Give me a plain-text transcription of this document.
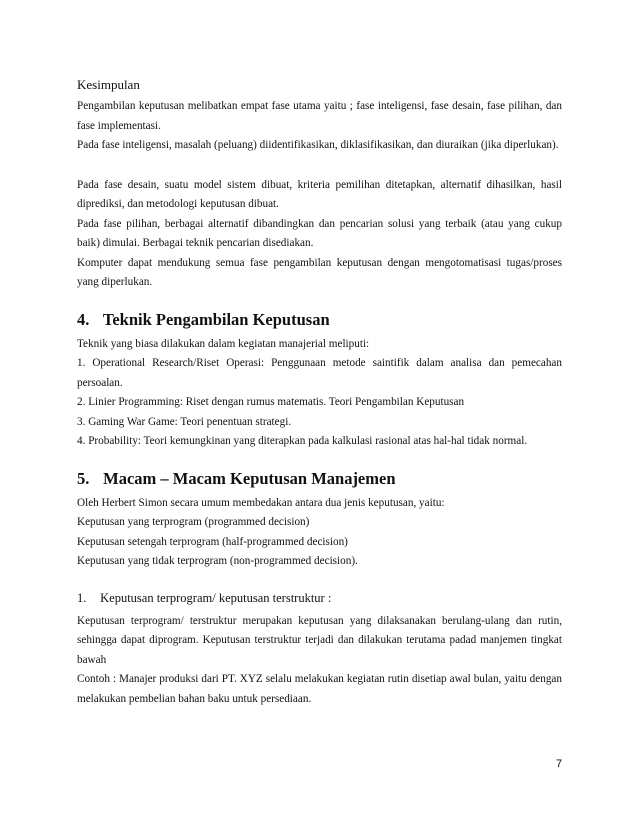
Kesimpulan

Pengambilan keputusan melibatkan empat fase utama yaitu ; fase inteligensi, fase desain, fase pilihan, dan fase implementasi.

Pada fase inteligensi, masalah (peluang) diidentifikasikan, diklasifikasikan, dan diuraikan (jika diperlukan).

Pada fase desain, suatu model sistem dibuat, kriteria pemilihan ditetapkan, alternatif dihasilkan, hasil diprediksi, dan metodologi keputusan dibuat.

Pada fase pilihan, berbagai alternatif dibandingkan dan pencarian solusi yang terbaik (atau yang cukup baik) dimulai. Berbagai teknik pencarian disediakan.

Komputer dapat mendukung semua fase pengambilan keputusan dengan mengotomatisasi tugas/proses yang diperlukan.

4. Teknik Pengambilan Keputusan

Teknik yang biasa dilakukan dalam kegiatan manajerial meliputi:

1. Operational Research/Riset Operasi: Penggunaan metode saintifik dalam analisa dan pemecahan persoalan.

2. Linier Programming: Riset dengan rumus matematis. Teori Pengambilan Keputusan

3. Gaming War Game: Teori penentuan strategi.

4. Probability: Teori kemungkinan yang diterapkan pada kalkulasi rasional atas hal-hal tidak normal.

5. Macam – Macam Keputusan Manajemen

Oleh Herbert Simon secara umum membedakan antara dua jenis keputusan, yaitu:

Keputusan yang terprogram (programmed decision)

Keputusan setengah terprogram (half-programmed decision)

Keputusan yang tidak terprogram (non-programmed decision).

1. Keputusan terprogram/ keputusan terstruktur :

Keputusan terprogram/ terstruktur merupakan keputusan yang dilaksanakan berulang-ulang dan rutin, sehingga dapat diprogram. Keputusan terstruktur terjadi dan dilakukan terutama padad manjemen tingkat bawah

Contoh : Manajer produksi dari PT. XYZ selalu melakukan kegiatan rutin disetiap awal bulan, yaitu dengan melakukan pembelian bahan baku untuk persediaan.

7
